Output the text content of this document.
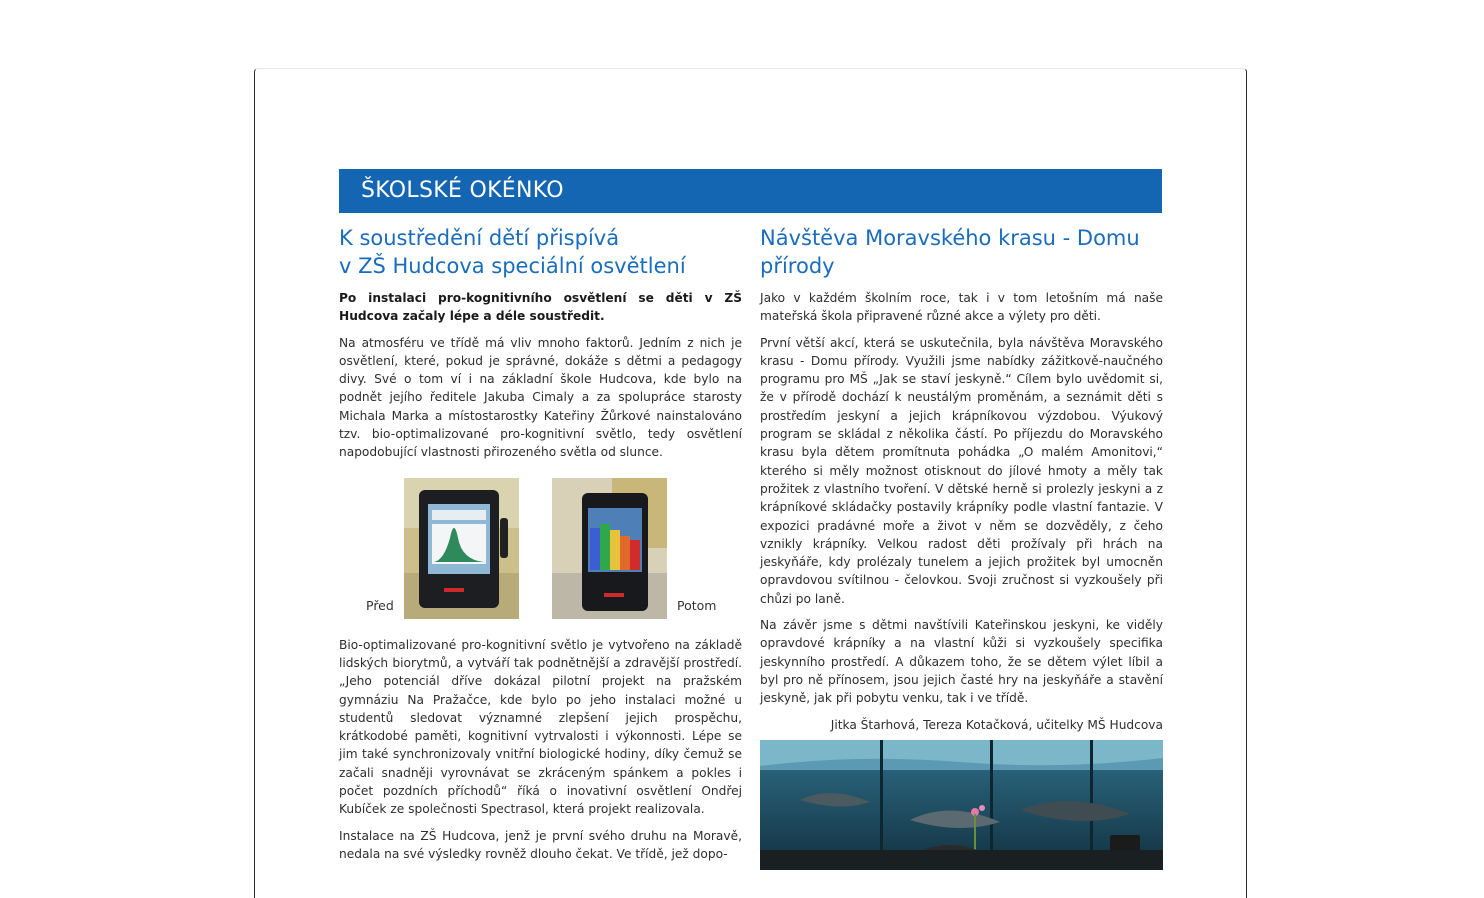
ŠKOLSKÉ OKÉNKO
K soustředění dětí přispívá
v ZŠ Hudcova speciální osvětlení

Po instalaci pro-kognitivního osvětlení se děti v ZŠ Hudcova začaly lépe a déle soustředit.

Na atmosféru ve třídě má vliv mnoho faktorů. Jedním z nich je osvětlení, které, pokud je správné, dokáže s dětmi a pedagogy divy. Své o tom ví i na základní škole Hudcova, kde bylo na podnět jejího ředitele Jakuba Cimaly a za spolupráce starosty Michala Marka a místostarostky Kateřiny Žůrkové nainstalováno tzv. bio-optimalizované pro-kognitivní světlo, tedy osvětlení napodobující vlastnosti přirozeného světla od slunce.

Před	Potom

Bio-optimalizované pro-kognitivní světlo je vytvořeno na základě lidských biorytmů, a vytváří tak podnětnější a zdravější prostředí. „Jeho potenciál dříve dokázal pilotní projekt na pražském gymnáziu Na Pražačce, kde bylo po jeho instalaci možné u studentů sledovat významné zlepšení jejich prospěchu, krátkodobé paměti, kognitivní vytrvalosti i výkonnosti. Lépe se jim také synchronizovaly vnitřní biologické hodiny, díky čemuž se začali snadněji vyrovnávat se zkráceným spánkem a pokles i počet pozdních příchodů“ říká o inovativní osvětlení Ondřej Kubíček ze společnosti Spectrasol, která projekt realizovala.

Instalace na ZŠ Hudcova, jenž je první svého druhu na Moravě, nedala na své výsledky rovněž dlouho čekat. Ve třídě, jež dopo-

Návštěva Moravského krasu - Domu
přírody

Jako v každém školním roce, tak i v tom letošním má naše mateřská škola připravené různé akce a výlety pro děti.

První větší akcí, která se uskutečnila, byla návštěva Moravského krasu - Domu přírody. Využili jsme nabídky zážitkově-naučného programu pro MŠ „Jak se staví jeskyně.“ Cílem bylo uvědomit si, že v přírodě dochází k neustálým proměnám, a seznámit děti s prostředím jeskyní a jejich krápníkovou výzdobou. Výukový program se skládal z několika částí. Po příjezdu do Moravského krasu byla dětem promítnuta pohádka „O malém Amonitovi,“ kterého si měly možnost otisknout do jílové hmoty a měly tak prožitek z vlastního tvoření. V dětské herně si prolezly jeskyni a z krápníkové skládačky postavily krápníky podle vlastní fantazie. V expozici pradávné moře a život v něm se dozvěděly, z čeho vznikly krápníky. Velkou radost děti prožívaly při hrách na jeskyňáře, kdy prolézaly tunelem a jejich prožitek byl umocněn opravdovou svítilnou - čelovkou. Svoji zručnost si vyzkoušely při chůzi po laně.

Na závěr jsme s dětmi navštívili Kateřinskou jeskyni, ke viděly opravdové krápníky a na vlastní kůži si vyzkoušely specifika jeskynního prostředí. A důkazem toho, že se dětem výlet líbil a byl pro ně přínosem, jsou jejich časté hry na jeskyňáře a stavění jeskyně, jak při pobytu venku, tak i ve třídě.

Jitka Štarhová, Tereza Kotačková, učitelky MŠ Hudcova
